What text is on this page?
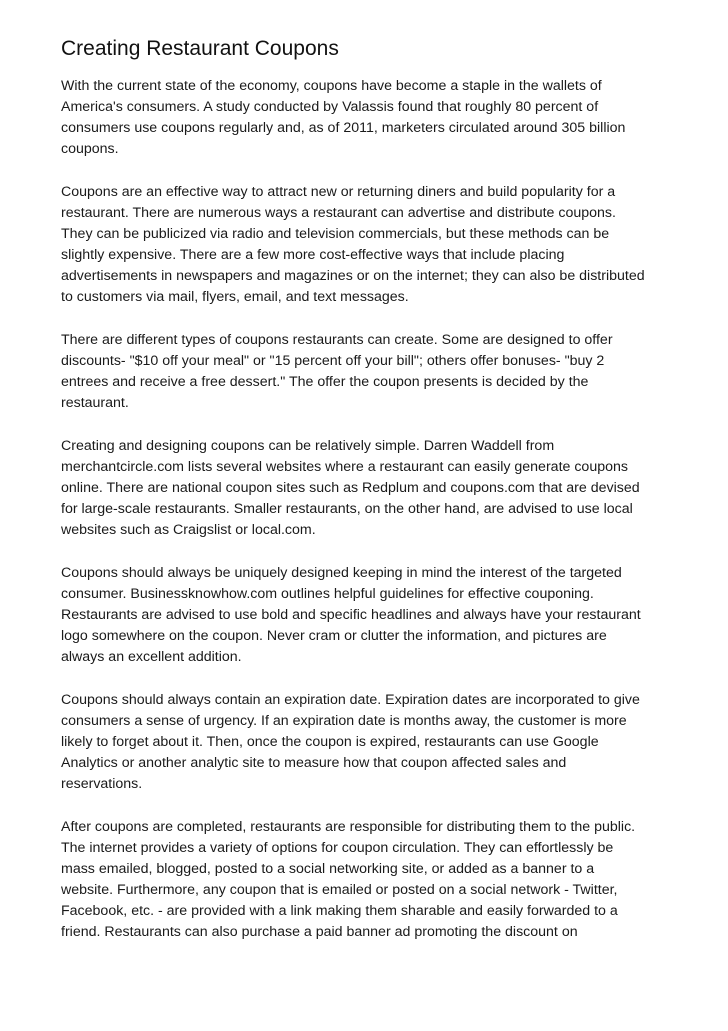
Creating Restaurant Coupons

With the current state of the economy, coupons have become a staple in the wallets of
America's consumers. A study conducted by Valassis found that roughly 80 percent of
consumers use coupons regularly and, as of 2011, marketers circulated around 305 billion
coupons.

Coupons are an effective way to attract new or returning diners and build popularity for a
restaurant. There are numerous ways a restaurant can advertise and distribute coupons.
They can be publicized via radio and television commercials, but these methods can be
slightly expensive. There are a few more cost-effective ways that include placing
advertisements in newspapers and magazines or on the internet; they can also be distributed
to customers via mail, flyers, email, and text messages.

There are different types of coupons restaurants can create. Some are designed to offer
discounts- "$10 off your meal" or "15 percent off your bill"; others offer bonuses- "buy 2
entrees and receive a free dessert." The offer the coupon presents is decided by the
restaurant.

Creating and designing coupons can be relatively simple. Darren Waddell from
merchantcircle.com lists several websites where a restaurant can easily generate coupons
online. There are national coupon sites such as Redplum and coupons.com that are devised
for large-scale restaurants. Smaller restaurants, on the other hand, are advised to use local
websites such as Craigslist or local.com.

Coupons should always be uniquely designed keeping in mind the interest of the targeted
consumer. Businessknowhow.com outlines helpful guidelines for effective couponing.
Restaurants are advised to use bold and specific headlines and always have your restaurant
logo somewhere on the coupon. Never cram or clutter the information, and pictures are
always an excellent addition.

Coupons should always contain an expiration date. Expiration dates are incorporated to give
consumers a sense of urgency. If an expiration date is months away, the customer is more
likely to forget about it. Then, once the coupon is expired, restaurants can use Google
Analytics or another analytic site to measure how that coupon affected sales and
reservations.

After coupons are completed, restaurants are responsible for distributing them to the public.
The internet provides a variety of options for coupon circulation. They can effortlessly be
mass emailed, blogged, posted to a social networking site, or added as a banner to a
website. Furthermore, any coupon that is emailed or posted on a social network - Twitter,
Facebook, etc. - are provided with a link making them sharable and easily forwarded to a
friend. Restaurants can also purchase a paid banner ad promoting the discount on
